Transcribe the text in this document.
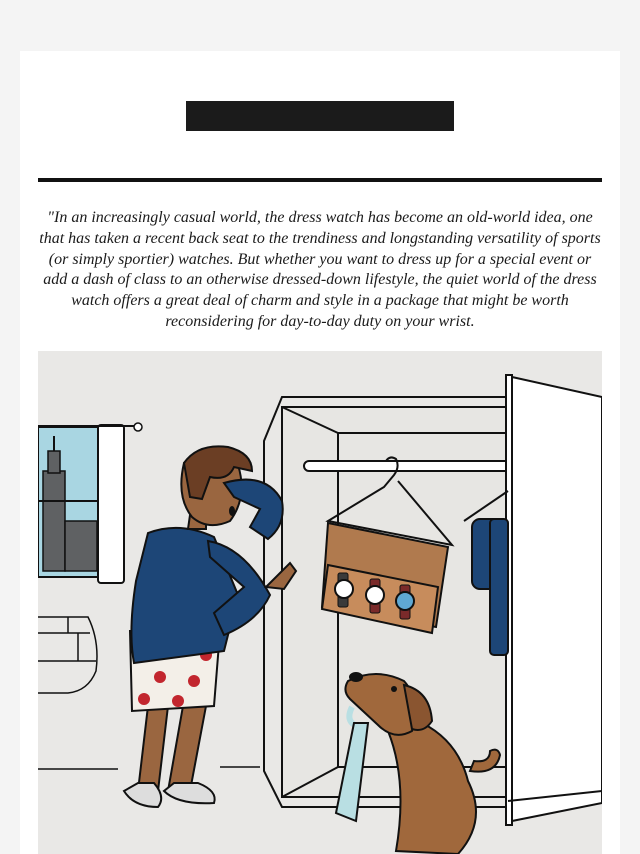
"In an increasingly casual world, the dress watch has become an old-world idea, one that has taken a recent back seat to the trendiness and longstanding versatility of sports (or simply sportier) watches. But whether you want to dress up for a special event or add a dash of class to an otherwise dressed-down lifestyle, the quiet world of the dress watch offers a great deal of charm and style in a package that might be worth reconsidering for day-to-day duty on your wrist.
